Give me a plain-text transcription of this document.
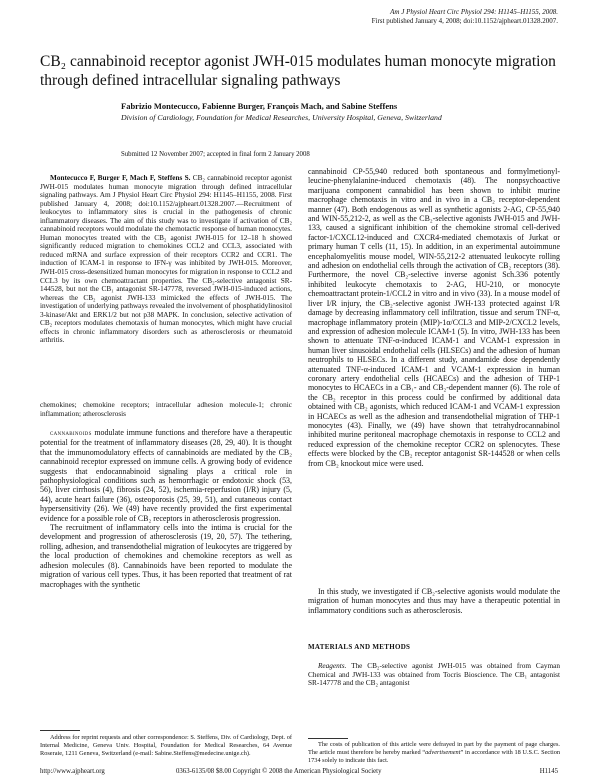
Am J Physiol Heart Circ Physiol 294: H1145–H1155, 2008.
First published January 4, 2008; doi:10.1152/ajpheart.01328.2007.
CB₂ cannabinoid receptor agonist JWH-015 modulates human monocyte migration through defined intracellular signaling pathways
Fabrizio Montecucco, Fabienne Burger, François Mach, and Sabine Steffens
Division of Cardiology, Foundation for Medical Researches, University Hospital, Geneva, Switzerland
Submitted 12 November 2007; accepted in final form 2 January 2008

Montecucco F, Burger F, Mach F, Steffens S. CB₂ cannabinoid receptor agonist JWH-015 modulates human monocyte migration through defined intracellular signaling pathways. Am J Physiol Heart Circ Physiol 294: H1145–H1155, 2008. First published January 4, 2008; doi:10.1152/ajpheart.01328.2007.—Recruitment of leukocytes to inflammatory sites is crucial in the pathogenesis of chronic inflammatory diseases. The aim of this study was to investigate if activation of CB₂ cannabinoid receptors would modulate the chemotactic response of human monocytes. Human monocytes treated with the CB₂ agonist JWH-015 for 12–18 h showed significantly reduced migration to chemokines CCL2 and CCL3, associated with reduced mRNA and surface expression of their receptors CCR2 and CCR1. The induction of ICAM-1 in response to IFN-γ was inhibited by JWH-015. Moreover, JWH-015 cross-desensitized human monocytes for migration in response to CCL2 and CCL3 by its own chemoattractant properties. The CB₂-selective antagonist SR-144528, but not the CB₁ antagonist SR-147778, reversed JWH-015-induced actions, whereas the CB₂ agonist JWH-133 mimicked the effects of JWH-015. The investigation of underlying pathways revealed the involvement of phosphatidylinositol 3-kinase/Akt and ERK1/2 but not p38 MAPK. In conclusion, selective activation of CB₂ receptors modulates chemotaxis of human monocytes, which might have crucial effects in chronic inflammatory disorders such as atherosclerosis or rheumatoid arthritis.

chemokines; chemokine receptors; intracellular adhesion molecule-1; chronic inflammation; atherosclerosis

cannabinoids modulate immune functions and therefore have a therapeutic potential for the treatment of inflammatory diseases (28, 29, 40). It is thought that the immunomodulatory effects of cannabinoids are mediated by the CB₂ cannabinoid receptor expressed on immune cells. A growing body of evidence suggests that endocannabinoid signaling plays a critical role in pathophysiological conditions such as hemorrhagic or endotoxic shock (53, 56), liver cirrhosis (4), fibrosis (24, 52), ischemia-reperfusion (I/R) injury (5, 44), acute heart failure (36), osteoporosis (25, 39, 51), and cutaneous contact hypersensitivity (26). We (49) have recently provided the first experimental evidence for a possible role of CB₂ receptors in atherosclerosis progression.

The recruitment of inflammatory cells into the intima is crucial for the development and progression of atherosclerosis (19, 20, 57). The tethering, rolling, adhesion, and transendothelial migration of leukocytes are triggered by the local production of chemokines and chemokine receptors as well as adhesion molecules (8). Cannabinoids have been reported to modulate the migration of various cell types. Thus, it has been reported that treatment of rat macrophages with the synthetic

cannabinoid CP-55,940 reduced both spontaneous and formylmetionyl-leucine-phenylalanine-induced chemotaxis (48). The nonpsychoactive marijuana component cannabidiol has been shown to inhibit murine macrophage chemotaxis in vitro and in vivo in a CB₂ receptor-dependent manner (47). Both endogenous as well as synthetic agonists 2-AG, CP-55,940 and WIN-55,212-2, as well as the CB₂-selective agonists JWH-015 and JWH-133, caused a significant inhibition of the chemokine stromal cell-derived factor-1/CXCL12-induced and CXCR4-mediated chemotaxis of Jurkat or primary human T cells (11, 15). In addition, in an experimental autoimmune encephalomyelitis mouse model, WIN-55,212-2 attenuated leukocyte rolling and adhesion on endothelial cells through the activation of CB₂ receptors (38). Furthermore, the novel CB₂-selective inverse agonist Sch.336 potently inhibited leukocyte chemotaxis to 2-AG, HU-210, or monocyte chemoattractant protein-1/CCL2 in vitro and in vivo (33). In a mouse model of liver I/R injury, the CB₂-selective agonist JWH-133 protected against I/R damage by decreasing inflammatory cell infiltration, tissue and serum TNF-α, macrophage inflammatory protein (MIP)-1α/CCL3 and MIP-2/CXCL2 levels, and expression of adhesion molecule ICAM-1 (5). In vitro, JWH-133 has been shown to attenuate TNF-α-induced ICAM-1 and VCAM-1 expression in human liver sinusoidal endothelial cells (HLSECs) and the adhesion of human neutrophils to HLSECs. In a different study, anandamide dose dependently attenuated TNF-α-induced ICAM-1 and VCAM-1 expression in human coronary artery endothelial cells (HCAECs) and the adhesion of THP-1 monocytes to HCAECs in a CB₁- and CB₂-dependent manner (6). The role of the CB₂ receptor in this process could be confirmed by additional data obtained with CB₂ agonists, which reduced ICAM-1 and VCAM-1 expression in HCAECs as well as the adhesion and transendothelial migration of THP-1 monocytes (43). Finally, we (49) have shown that tetrahydrocannabinol inhibited murine peritoneal macrophage chemotaxis in response to CCL2 and reduced expression of the chemokine receptor CCR2 on splenocytes. These effects were blocked by the CB₂ receptor antagonist SR-144528 or when cells from CB₂ knockout mice were used.
In this study, we investigated if CB₂-selective agonists would modulate the migration of human monocytes and thus may have a therapeutic potential in inflammatory conditions such as atherosclerosis.
MATERIALS AND METHODS

Reagents. The CB₂-selective agonist JWH-015 was obtained from Cayman Chemical and JWH-133 was obtained from Tocris Bioscience. The CB₁ antagonist SR-147778 and the CB₂ antagonist

Address for reprint requests and other correspondence: S. Steffens, Div. of Cardiology, Dept. of Internal Medicine, Geneva Univ. Hospital, Foundation for Medical Researches, 64 Avenue Roseraie, 1211 Geneva, Switzerland (e-mail: Sabine.Steffens@medecine.unige.ch).
The costs of publication of this article were defrayed in part by the payment of page charges. The article must therefore be hereby marked “advertisement” in accordance with 18 U.S.C. Section 1734 solely to indicate this fact.
http://www.ajpheart.org	0363-6135/08 $8.00 Copyright © 2008 the American Physiological Society	H1145
